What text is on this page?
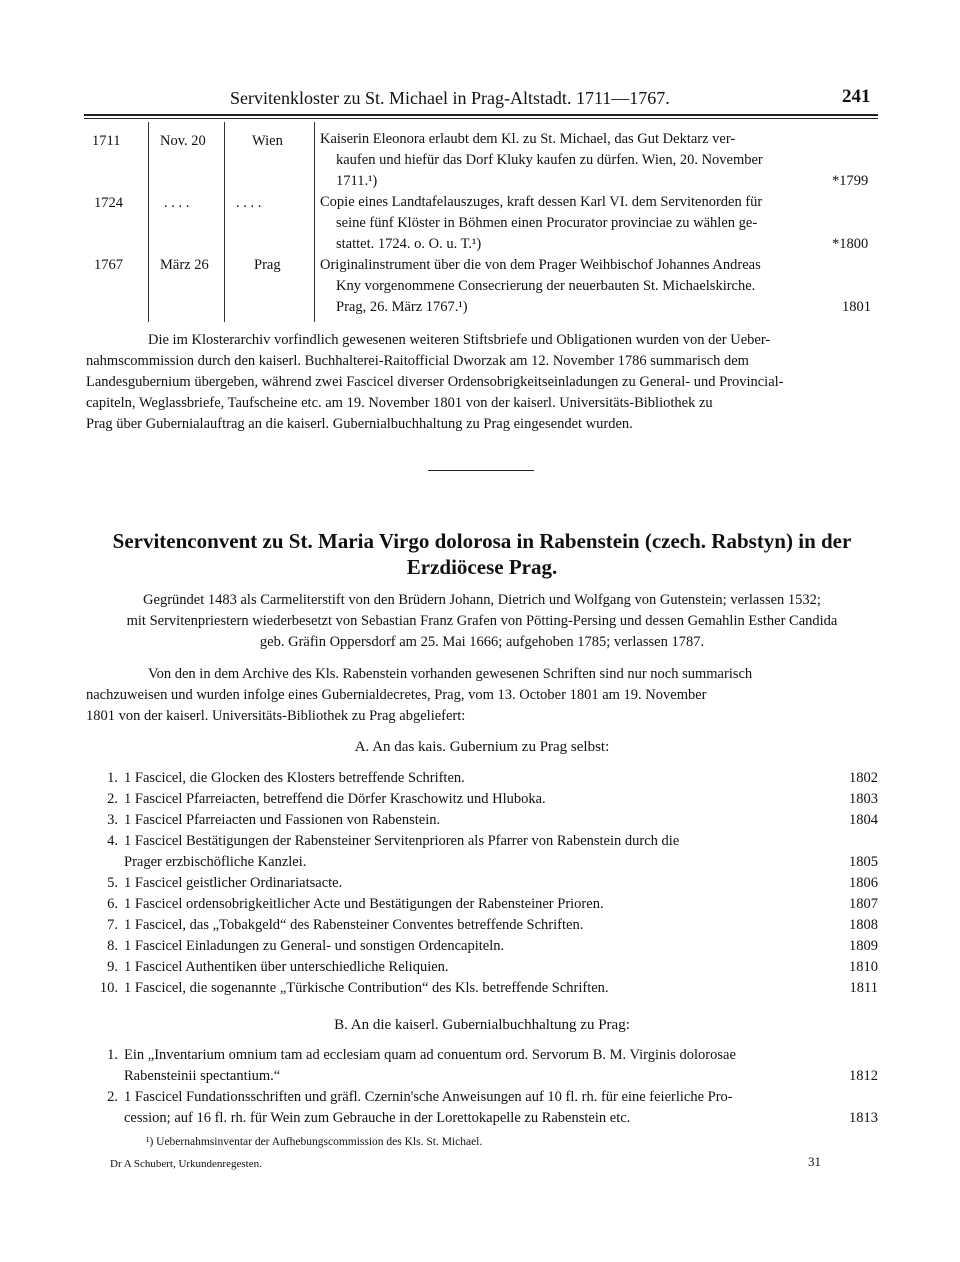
Servitenkloster zu St. Michael in Prag-Altstadt. 1711—1767.	241
1711	Nov. 20	Wien	Kaiserin Eleonora erlaubt dem Kl. zu St. Michael, das Gut Dektarz ver-
kaufen und hiefür das Dorf Kluky kaufen zu dürfen. Wien, 20. November
1711.¹)	*1799
1724	. . . .	. . . .	Copie eines Landtafelauszuges, kraft dessen Karl VI. dem Servitenorden für
seine fünf Klöster in Böhmen einen Procurator provinciae zu wählen ge-
stattet. 1724. o. O. u. T.¹)	*1800
1767	März 26	Prag	Originalinstrument über die von dem Prager Weihbischof Johannes Andreas
Kny vorgenommene Consecrierung der neuerbauten St. Michaelskirche.
Prag, 26. März 1767.¹)	1801

Die im Klosterarchiv vorfindlich gewesenen weiteren Stiftsbriefe und Obligationen wurden von der Ueber-

nahmscommission durch den kaiserl. Buchhalterei-Raitofficial Dworzak am 12. November 1786 summarisch dem

Landesgubernium übergeben, während zwei Fascicel diverser Ordensobrigkeitseinladungen zu General- und Provincial-

capiteln, Weglassbriefe, Taufscheine etc. am 19. November 1801 von der kaiserl. Universitäts-Bibliothek zu

Prag über Gubernialauftrag an die kaiserl. Gubernialbuchhaltung zu Prag eingesendet wurden.

Servitenconvent zu St. Maria Virgo dolorosa in Rabenstein (czech. Rabstyn) in der
Erzdiöcese Prag.

Gegründet 1483 als Carmeliterstift von den Brüdern Johann, Dietrich und Wolfgang von Gutenstein; verlassen 1532;

mit Servitenpriestern wiederbesetzt von Sebastian Franz Grafen von Pötting-Persing und dessen Gemahlin Esther Candida

geb. Gräfin Oppersdorf am 25. Mai 1666; aufgehoben 1785; verlassen 1787.

Von den in dem Archive des Kls. Rabenstein vorhanden gewesenen Schriften sind nur noch summarisch

nachzuweisen und wurden infolge eines Gubernialdecretes, Prag, vom 13. October 1801 am 19. November

1801 von der kaiserl. Universitäts-Bibliothek zu Prag abgeliefert:

A. An das kais. Gubernium zu Prag selbst:
1. 1 Fascicel, die Glocken des Klosters betreffende Schriften.	1802
2. 1 Fascicel Pfarreiacten, betreffend die Dörfer Kraschowitz und Hluboka.	1803
3. 1 Fascicel Pfarreiacten und Fassionen von Rabenstein.	1804
4. 1 Fascicel Bestätigungen der Rabensteiner Servitenprioren als Pfarrer von Rabenstein durch die
Prager erzbischöfliche Kanzlei.	1805
5. 1 Fascicel geistlicher Ordinariatsacte.	1806
6. 1 Fascicel ordensobrigkeitlicher Acte und Bestätigungen der Rabensteiner Prioren.	1807
7. 1 Fascicel, das „Tobakgeld“ des Rabensteiner Conventes betreffende Schriften.	1808
8. 1 Fascicel Einladungen zu General- und sonstigen Ordencapiteln.	1809
9. 1 Fascicel Authentiken über unterschiedliche Reliquien.	1810
10. 1 Fascicel, die sogenannte „Türkische Contribution“ des Kls. betreffende Schriften.	1811
B. An die kaiserl. Gubernialbuchhaltung zu Prag:
1. Ein „Inventarium omnium tam ad ecclesiam quam ad conuentum ord. Servorum B. M. Virginis dolorosae
Rabensteinii spectantium.“	1812
2. 1 Fascicel Fundationsschriften und gräfl. Czernin'sche Anweisungen auf 10 fl. rh. für eine feierliche Pro-
cession; auf 16 fl. rh. für Wein zum Gebrauche in der Lorettokapelle zu Rabenstein etc.	1813
¹) Uebernahmsinventar der Aufhebungscommission des Kls. St. Michael.
Dr A Schubert, Urkundenregesten.	31
